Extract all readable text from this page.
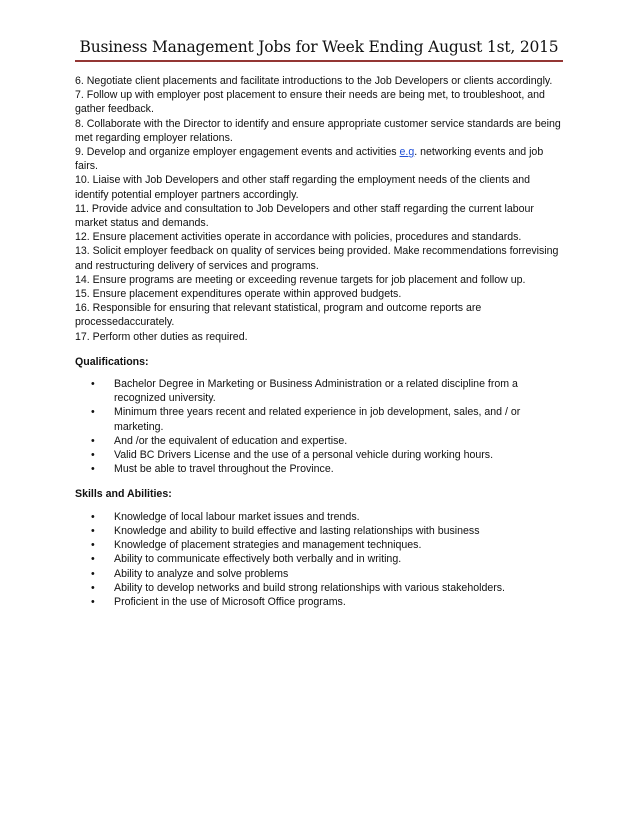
Business Management Jobs for Week Ending August 1st, 2015

6. Negotiate client placements and facilitate introductions to the Job Developers or clients accordingly.

7. Follow up with employer post placement to ensure their needs are being met, to troubleshoot, and

gather feedback.

8. Collaborate with the Director to identify and ensure appropriate customer service standards are being

met regarding employer relations.

9. Develop and organize employer engagement events and activities e.g. networking events and job

fairs.

10. Liaise with Job Developers and other staff regarding the employment needs of the clients and

identify potential employer partners accordingly.

11. Provide advice and consultation to Job Developers and other staff regarding the current labour

market status and demands.

12. Ensure placement activities operate in accordance with policies, procedures and standards.

13. Solicit employer feedback on quality of services being provided. Make recommendations forrevising

and restructuring delivery of services and programs.

14. Ensure programs are meeting or exceeding revenue targets for job placement and follow up.

15. Ensure placement expenditures operate within approved budgets.

16. Responsible for ensuring that relevant statistical, program and outcome reports are

processedaccurately.

17. Perform other duties as required.

Qualifications:
• Bachelor Degree in Marketing or Business Administration or a related discipline from a
recognized university.
• Minimum three years recent and related experience in job development, sales, and / or
marketing.
• And /or the equivalent of education and expertise.
• Valid BC Drivers License and the use of a personal vehicle during working hours.
• Must be able to travel throughout the Province.
Skills and Abilities:
• Knowledge of local labour market issues and trends.
• Knowledge and ability to build effective and lasting relationships with business
• Knowledge of placement strategies and management techniques.
• Ability to communicate effectively both verbally and in writing.
• Ability to analyze and solve problems
• Ability to develop networks and build strong relationships with various stakeholders.
• Proficient in the use of Microsoft Office programs.
